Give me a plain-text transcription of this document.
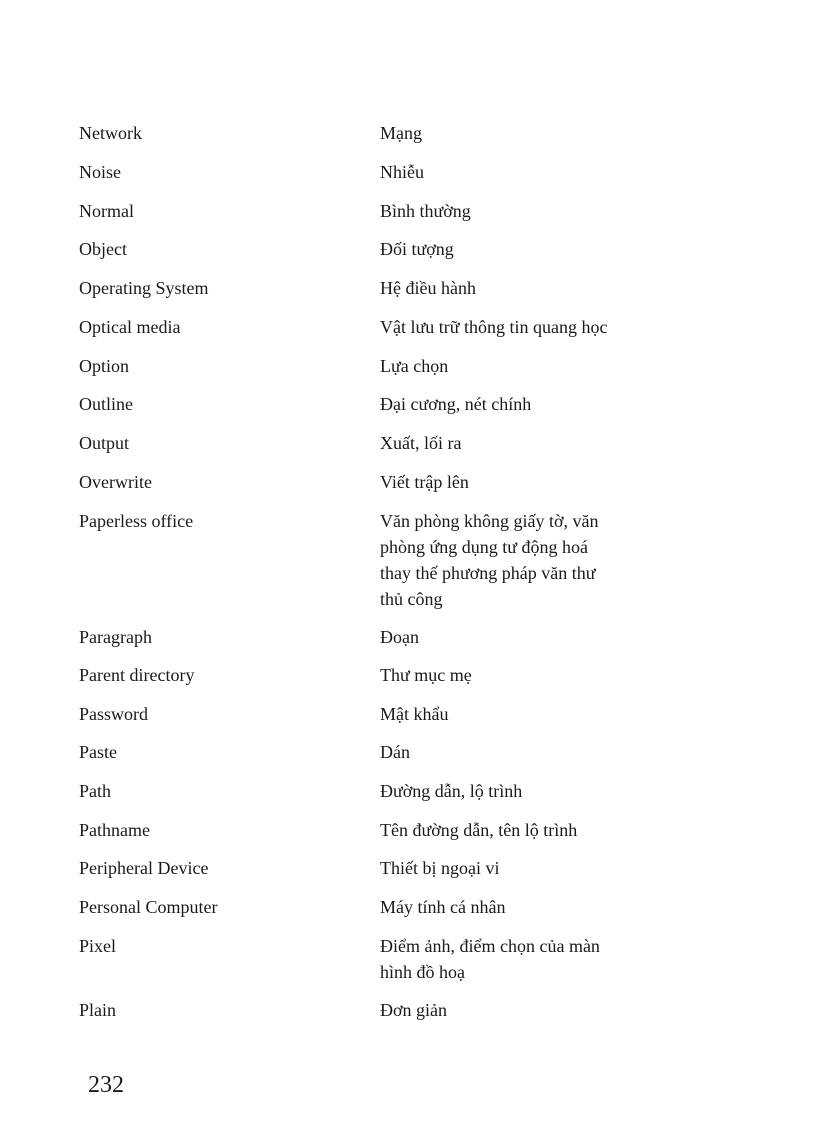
Network	Mạng
Noise	Nhiễu
Normal	Bình thường
Object	Đối tượng
Operating System	Hệ điều hành
Optical media	Vật lưu trữ thông tin quang học
Option	Lựa chọn
Outline	Đại cương, nét chính
Output	Xuất, lối ra
Overwrite	Viết trập lên
Paperless office	Văn phòng không giấy tờ, văn
phòng ứng dụng tư động hoá
thay thế phương pháp văn thư
thủ công
Paragraph	Đoạn
Parent directory	Thư mục mẹ
Password	Mật khẩu
Paste	Dán
Path	Đường dẫn, lộ trình
Pathname	Tên đường dẫn, tên lộ trình
Peripheral Device	Thiết bị ngoại vi
Personal Computer	Máy tính cá nhân
Pixel	Điểm ảnh, điểm chọn của màn
hình đồ hoạ
Plain	Đơn giản
232
